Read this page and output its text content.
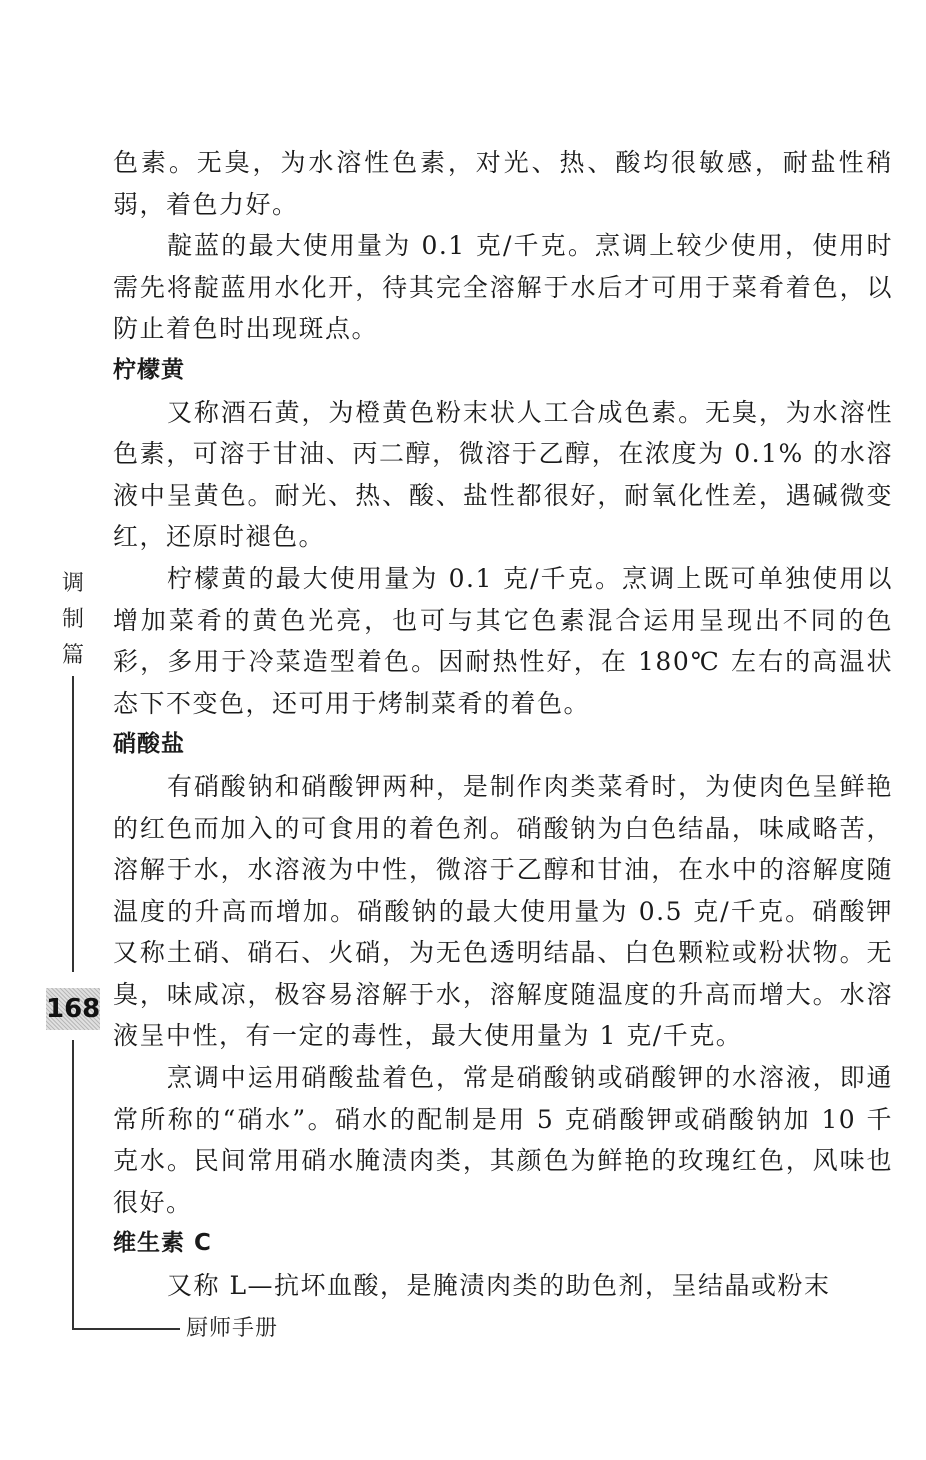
色素。无臭，为水溶性色素，对光、热、酸均很敏感，耐盐性稍弱，着色力好。

靛蓝的最大使用量为 0.1 克/千克。烹调上较少使用，使用时需先将靛蓝用水化开，待其完全溶解于水后才可用于菜肴着色，以防止着色时出现斑点。

柠檬黄

又称酒石黄，为橙黄色粉末状人工合成色素。无臭，为水溶性色素，可溶于甘油、丙二醇，微溶于乙醇，在浓度为 0.1% 的水溶液中呈黄色。耐光、热、酸、盐性都很好，耐氧化性差，遇碱微变红，还原时褪色。

柠檬黄的最大使用量为 0.1 克/千克。烹调上既可单独使用以增加菜肴的黄色光亮，也可与其它色素混合运用呈现出不同的色彩，多用于冷菜造型着色。因耐热性好，在 180℃ 左右的高温状态下不变色，还可用于烤制菜肴的着色。

硝酸盐

有硝酸钠和硝酸钾两种，是制作肉类菜肴时，为使肉色呈鲜艳的红色而加入的可食用的着色剂。硝酸钠为白色结晶，味咸略苦，溶解于水，水溶液为中性，微溶于乙醇和甘油，在水中的溶解度随温度的升高而增加。硝酸钠的最大使用量为 0.5 克/千克。硝酸钾又称土硝、硝石、火硝，为无色透明结晶、白色颗粒或粉状物。无臭，味咸凉，极容易溶解于水，溶解度随温度的升高而增大。水溶液呈中性，有一定的毒性，最大使用量为 1 克/千克。

烹调中运用硝酸盐着色，常是硝酸钠或硝酸钾的水溶液，即通常所称的“硝水”。硝水的配制是用 5 克硝酸钾或硝酸钠加 10 千克水。民间常用硝水腌渍肉类，其颜色为鲜艳的玫瑰红色，风味也很好。

维生素 C

又称 L—抗坏血酸，是腌渍肉类的助色剂，呈结晶或粉末

调
制
篇
168
厨师手册
